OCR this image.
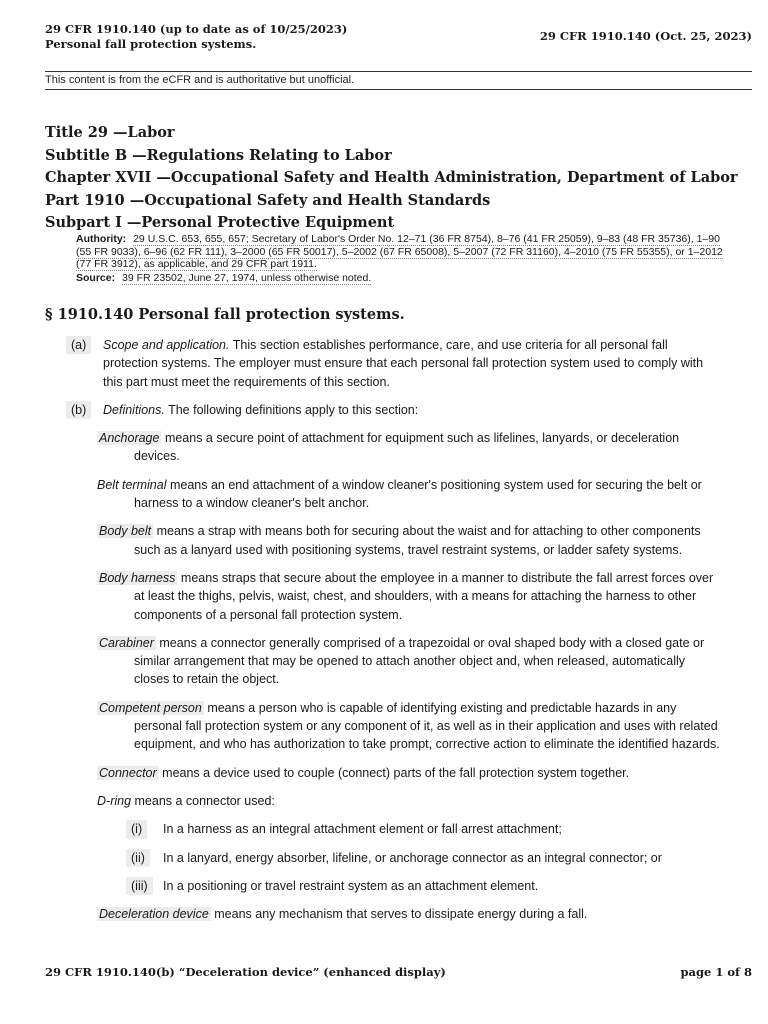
29 CFR 1910.140 (up to date as of 10/25/2023)
Personal fall protection systems.
29 CFR 1910.140 (Oct. 25, 2023)
This content is from the eCFR and is authoritative but unofficial.
Title 29 —Labor
Subtitle B —Regulations Relating to Labor
Chapter XVII —Occupational Safety and Health Administration, Department of Labor
Part 1910 —Occupational Safety and Health Standards
Subpart I —Personal Protective Equipment
Authority: 29 U.S.C. 653, 655, 657; Secretary of Labor's Order No. 12–71 (36 FR 8754), 8–76 (41 FR 25059), 9–83 (48 FR 35736), 1–90 (55 FR 9033), 6–96 (62 FR 111), 3–2000 (65 FR 50017), 5–2002 (67 FR 65008), 5–2007 (72 FR 31160), 4–2010 (75 FR 55355), or 1–2012 (77 FR 3912), as applicable, and 29 CFR part 1911.
Source: 39 FR 23502, June 27, 1974, unless otherwise noted.
§ 1910.140 Personal fall protection systems.
(a)	Scope and application. This section establishes performance, care, and use criteria for all personal fall protection systems. The employer must ensure that each personal fall protection system used to comply with this part must meet the requirements of this section.
(b)	Definitions. The following definitions apply to this section:
Anchorage means a secure point of attachment for equipment such as lifelines, lanyards, or deceleration devices.
Belt terminal means an end attachment of a window cleaner's positioning system used for securing the belt or harness to a window cleaner's belt anchor.
Body belt means a strap with means both for securing about the waist and for attaching to other components such as a lanyard used with positioning systems, travel restraint systems, or ladder safety systems.
Body harness means straps that secure about the employee in a manner to distribute the fall arrest forces over at least the thighs, pelvis, waist, chest, and shoulders, with a means for attaching the harness to other components of a personal fall protection system.
Carabiner means a connector generally comprised of a trapezoidal or oval shaped body with a closed gate or similar arrangement that may be opened to attach another object and, when released, automatically closes to retain the object.
Competent person means a person who is capable of identifying existing and predictable hazards in any personal fall protection system or any component of it, as well as in their application and uses with related equipment, and who has authorization to take prompt, corrective action to eliminate the identified hazards.
Connector means a device used to couple (connect) parts of the fall protection system together.
D-ring means a connector used:
(i)	In a harness as an integral attachment element or fall arrest attachment;
(ii)	In a lanyard, energy absorber, lifeline, or anchorage connector as an integral connector; or
(iii)	In a positioning or travel restraint system as an attachment element.
Deceleration device means any mechanism that serves to dissipate energy during a fall.
29 CFR 1910.140(b) “Deceleration device” (enhanced display)	page 1 of 8
